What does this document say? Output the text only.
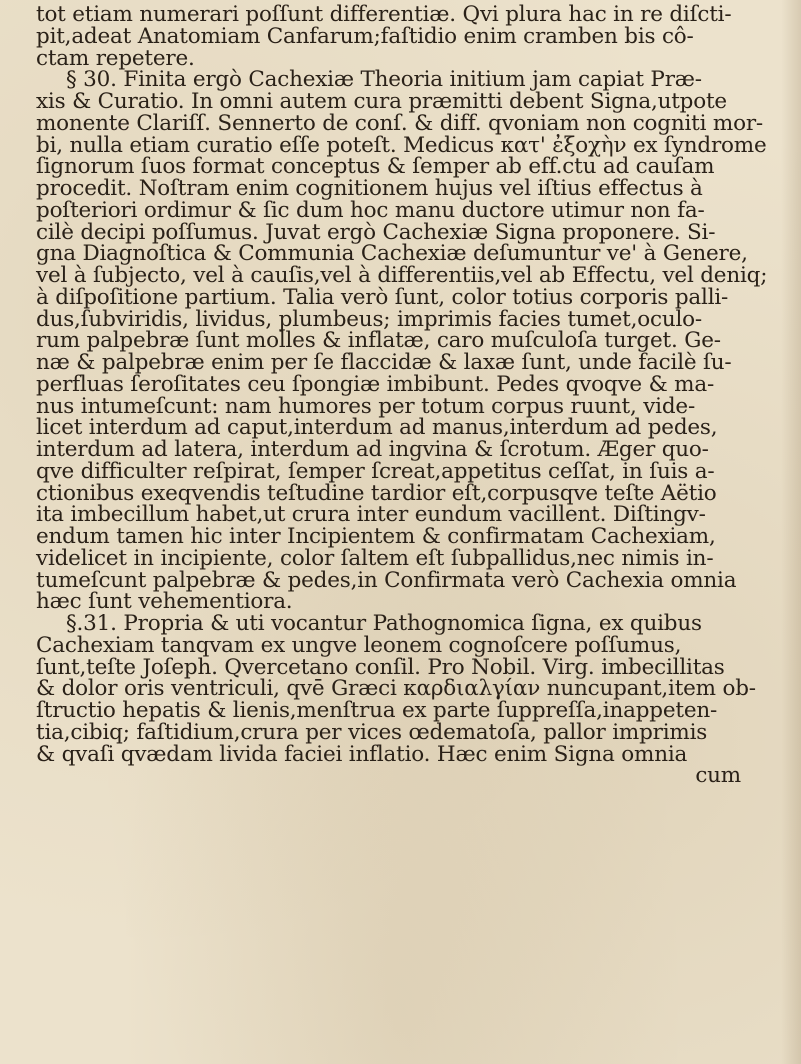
tot etiam numerari poſſunt differentiæ. Qvi plura hac in re diſcti-
pit,adeat Anatomiam Canfarum;faſtidio enim cramben bis cô-
ctam repetere.
§ 30. Finita ergò Cachexiæ Theoria initium jam capiat Præ-
xis & Curatio. In omni autem cura præmitti debent Signa,utpote
monente Clariſſ. Sennerto de conſ. & diff. qvoniam non cogniti mor-
bi, nulla etiam curatio eſſe poteſt. Medicus κατ' ἐξοχὴν ex ſyndrome
ſignorum ſuos format conceptus & ſemper ab eff.ctu ad cauſam
procedit. Noſtram enim cognitionem hujus vel iſtius effectus à
poſteriori ordimur & ſic dum hoc manu ductore utimur non fa-
cilè decipi poſſumus. Juvat ergò Cachexiæ Signa proponere. Si-
gna Diagnoſtica & Communia Cachexiæ deſumuntur ve' à Genere,
vel à ſubjecto, vel à cauſis,vel à differentiis,vel ab Effectu, vel deniq;
à diſpoſitione partium. Talia verò ſunt, color totius corporis palli-
dus,ſubviridis, lividus, plumbeus; imprimis facies tumet,oculo-
rum palpebræ ſunt molles & inflatæ, caro muſculoſa turget. Ge-
næ & palpebræ enim per ſe flaccidæ & laxæ ſunt, unde facilè ſu-
perfluas ſeroſitates ceu ſpongiæ imbibunt. Pedes qvoqve & ma-
nus intumeſcunt: nam humores per totum corpus ruunt, vide-
licet interdum ad caput,interdum ad manus,interdum ad pedes,
interdum ad latera, interdum ad ingvina & ſcrotum. Æger quo-
qve difficulter reſpirat, ſemper ſcreat,appetitus ceſſat, in ſuis a-
ctionibus exeqvendis teſtudine tardior eſt,corpusqve teſte Aëtio
ita imbecillum habet,ut crura inter eundum vacillent. Diſtingv-
endum tamen hic inter Incipientem & confirmatam Cachexiam,
videlicet in incipiente, color ſaltem eſt ſubpallidus,nec nimis in-
tumeſcunt palpebræ & pedes,in Confirmata verò Cachexia omnia
hæc ſunt vehementiora.
§.31. Propria & uti vocantur Pathognomica ſigna, ex quibus
Cachexiam tanqvam ex ungve leonem cognoſcere poſſumus,
ſunt,teſte Joſeph. Qvercetano conſil. Pro Nobil. Virg. imbecillitas
& dolor oris ventriculi, qvē Græci καρδιαλγίαν nuncupant,item ob-
ſtructio hepatis & lienis,menſtrua ex parte ſuppreſſa,inappeten-
tia,cibiq; faſtidium,crura per vices œdematoſa, pallor imprimis
& qvaſi qvædam livida faciei inflatio. Hæc enim Signa omnia
cum
